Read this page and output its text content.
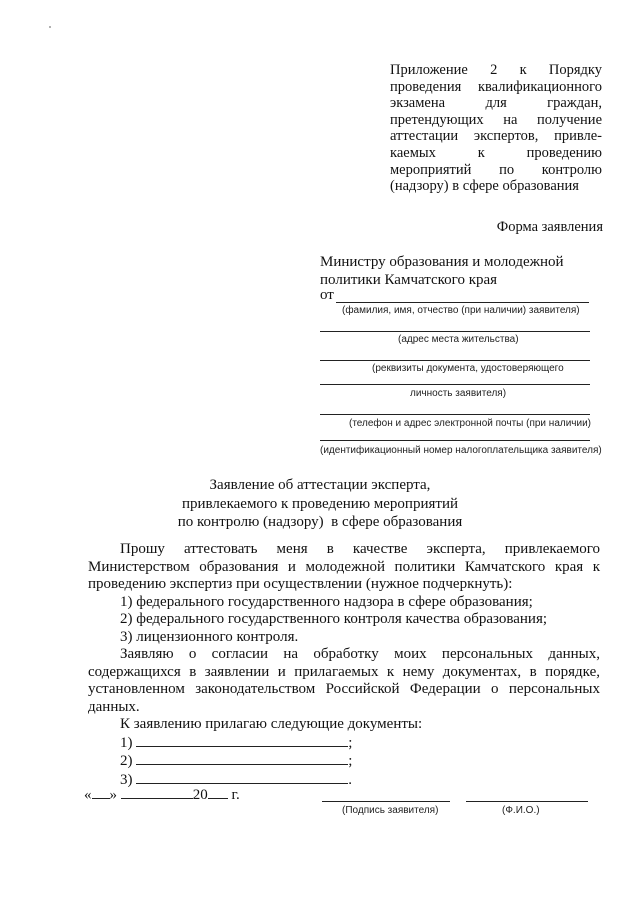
Приложение 2 к Порядку
проведения квалификационного
экзамена для граждан,
претендующих на получение
аттестации экспертов, привле-
каемых к проведению
мероприятий по контролю
(надзору) в сфере образования
Форма заявления
Министру образования и молодежной
политики Камчатского края
от
(фамилия, имя, отчество (при наличии) заявителя)
(адрес места жительства)
(реквизиты документа, удостоверяющего
личность заявителя)
(телефон и адрес электронной почты (при наличии)
(идентификационный номер налогоплательщика заявителя)
Заявление об аттестации эксперта,
привлекаемого к проведению мероприятий
по контролю (надзору)  в сфере образования

Прошу аттестовать меня в качестве эксперта, привлекаемого Министерством образования и молодежной политики Камчатского края к проведению экспертиз при осуществлении (нужное подчеркнуть):

1) федерального государственного надзора в сфере образования;

2) федерального государственного контроля качества образования;

3) лицензионного контроля.

Заявляю о согласии на обработку моих персональных данных, содержащихся в заявлении и прилагаемых к нему документах, в порядке, установленном законодательством Российской Федерации о персональных данных.

К заявлению прилагаю следующие документы:

1)	;

2)	;

3)	.

« »	20 г.
(Подпись заявителя)	(Ф.И.О.)
